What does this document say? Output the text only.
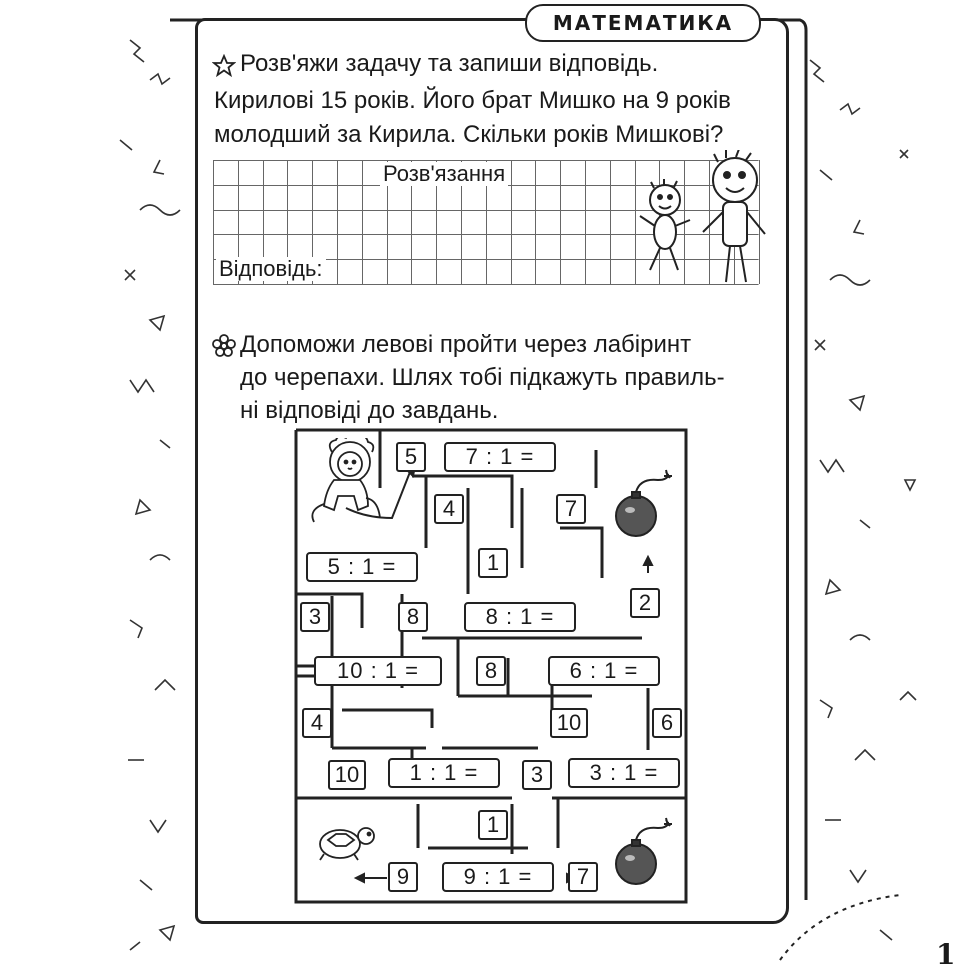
МАТЕМАТИКА
Розв'яжи задачу та запиши відповідь.
Кирилові 15 років. Його брат Мишко на 9 років
молодший за Кирила. Скільки років Мишкові?
Розв'язання
Відповідь:
Допоможи левові пройти через лабіринт
до черепахи. Шлях тобі підкажуть правиль-
ні відповіді до завдань.
7 : 1 =
5 : 1 =
8 : 1 =
10 : 1 =	6 : 1 =
1 : 1 =	3 : 1 =
9 : 1 =
5
4	7
1
3	8
2
8
4	10	6
10	3
1
9	7
1
